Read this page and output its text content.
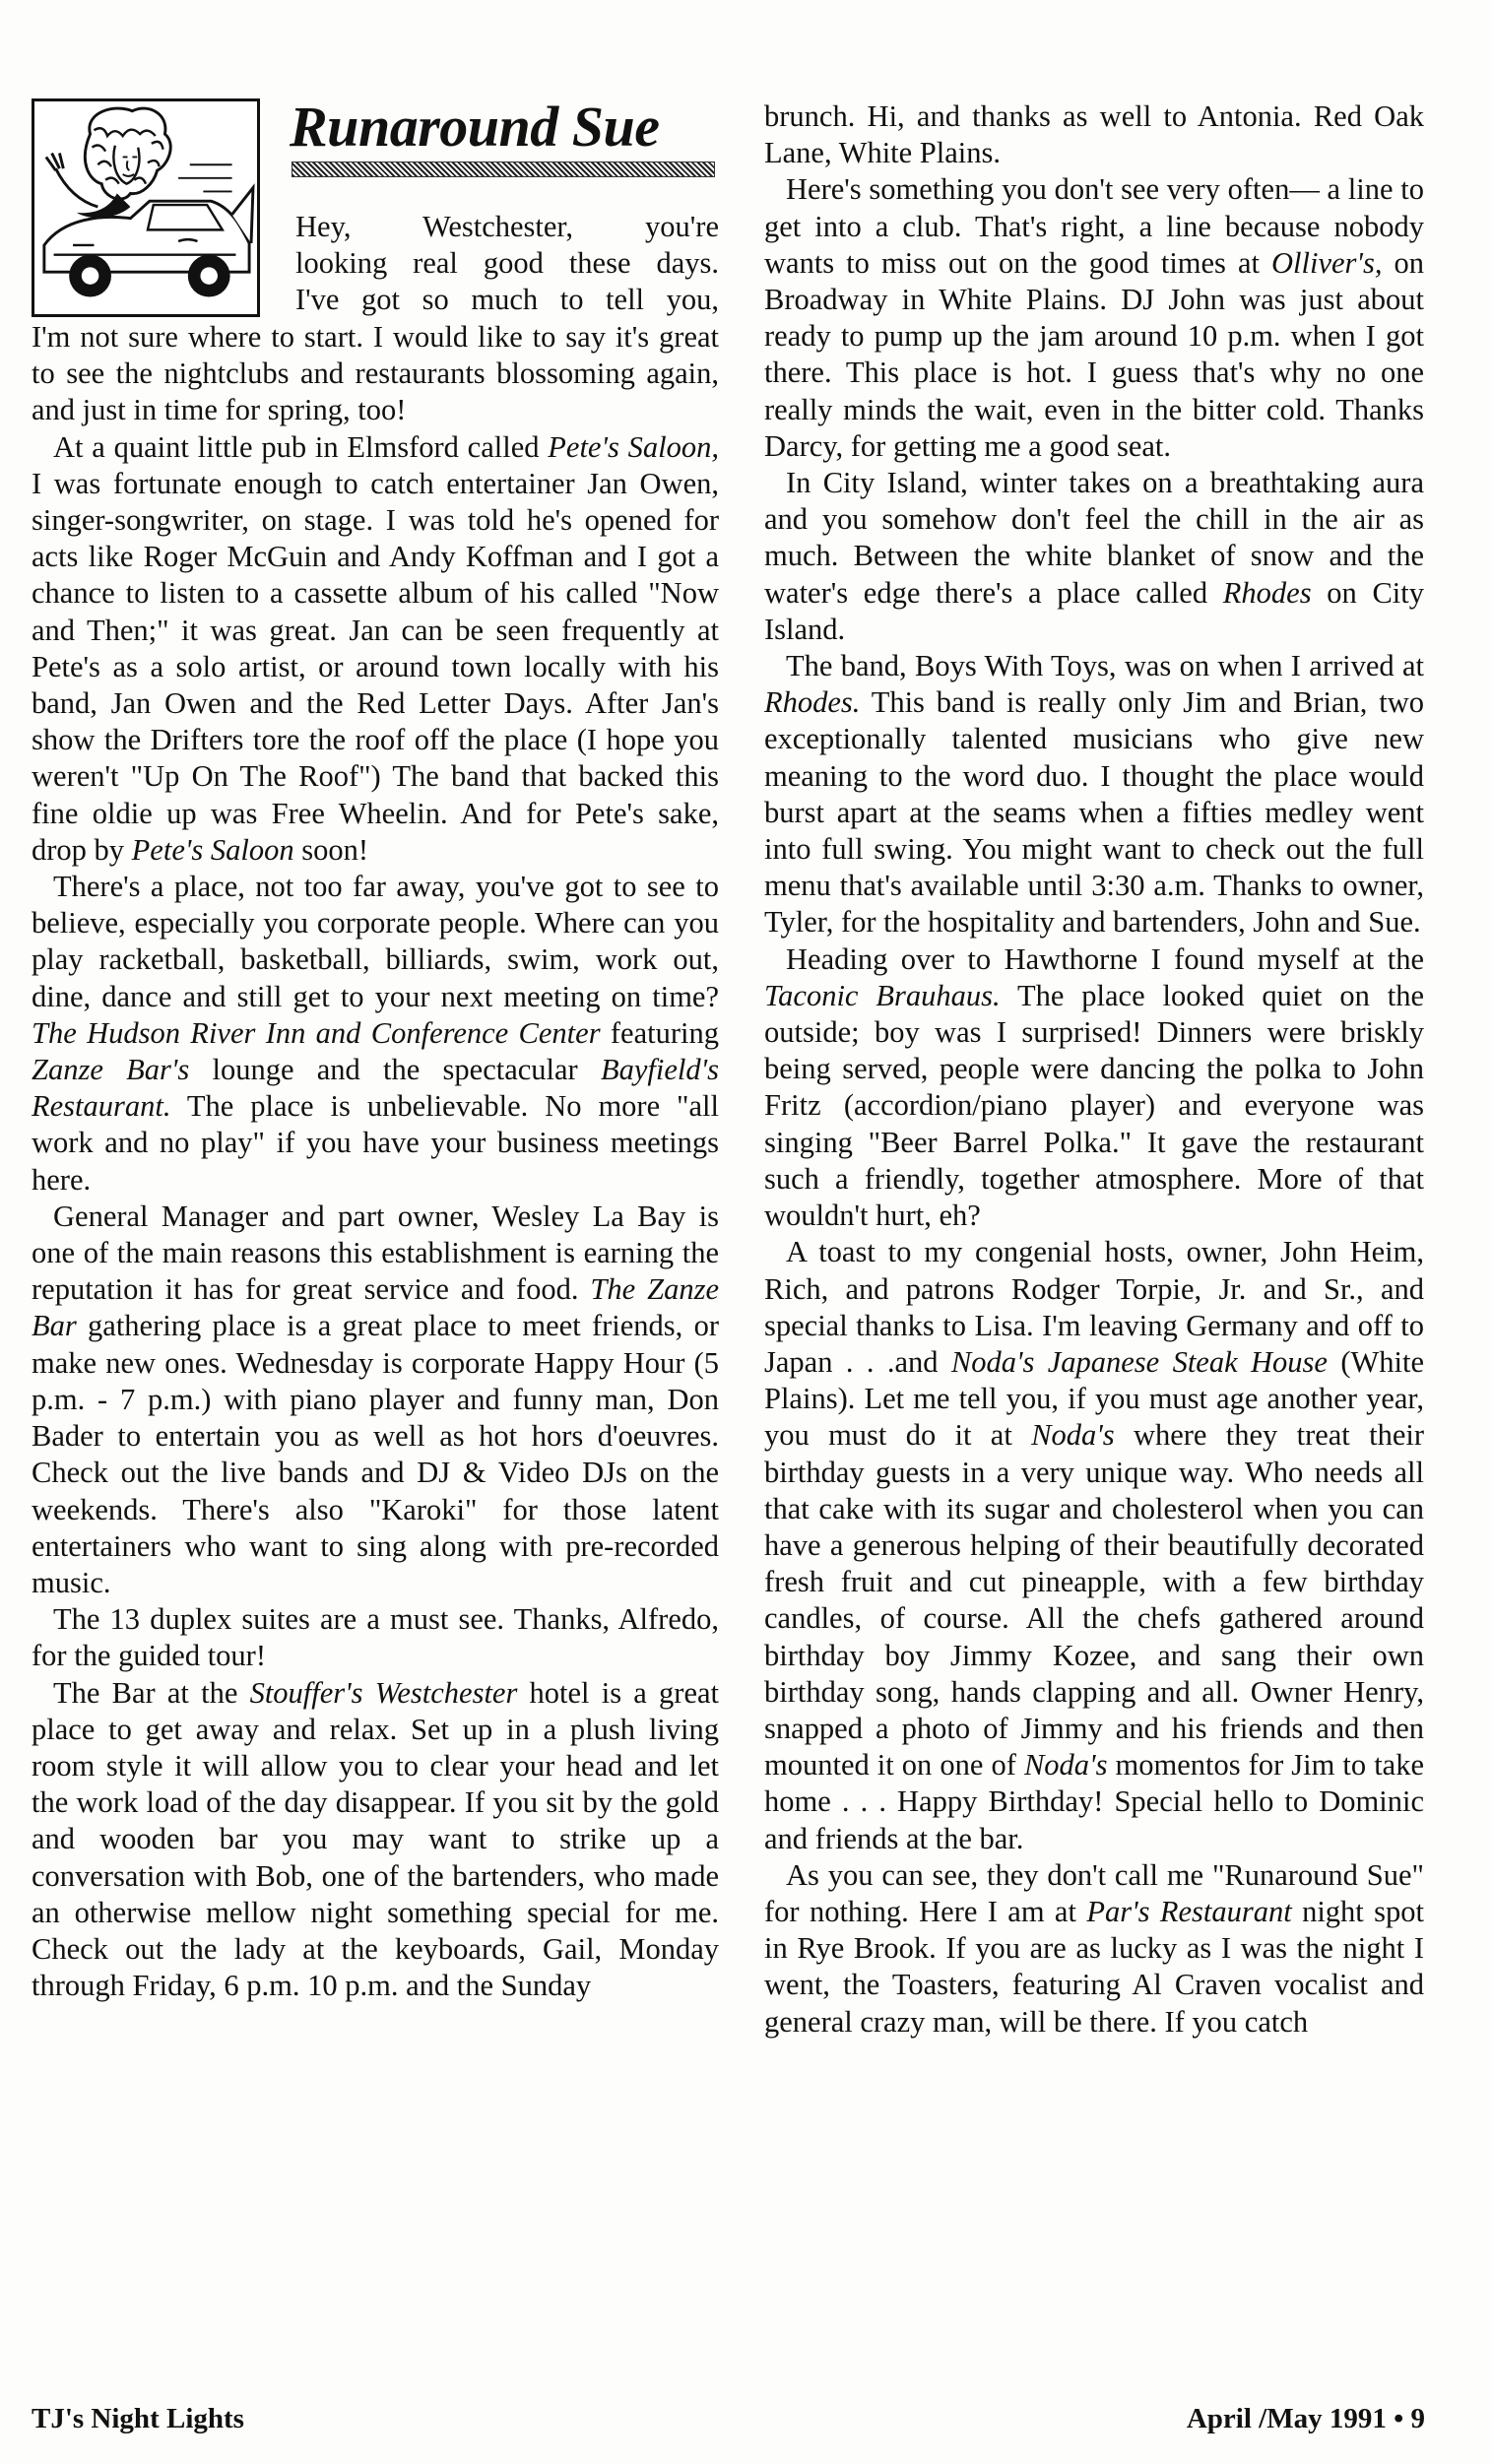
Runaround Sue
Hey, Westchester, you're
looking real good these days.
I've got so much to tell you,

I'm not sure where to start. I would like to say it's great to see the nightclubs and restaurants blossoming again, and just in time for spring, too!

At a quaint little pub in Elmsford called Pete's Saloon, I was fortunate enough to catch entertainer Jan Owen, singer-songwriter, on stage. I was told he's opened for acts like Roger McGuin and Andy Koffman and I got a chance to listen to a cassette album of his called "Now and Then;" it was great. Jan can be seen frequently at Pete's as a solo artist, or around town locally with his band, Jan Owen and the Red Letter Days. After Jan's show the Drifters tore the roof off the place (I hope you weren't "Up On The Roof") The band that backed this fine oldie up was Free Wheelin. And for Pete's sake, drop by Pete's Saloon soon!

There's a place, not too far away, you've got to see to believe, especially you corporate people. Where can you play racketball, basketball, billiards, swim, work out, dine, dance and still get to your next meeting on time? The Hudson River Inn and Conference Center featuring Zanze Bar's lounge and the spectacular Bayfield's Restaurant. The place is unbelievable. No more "all work and no play" if you have your business meetings here.

General Manager and part owner, Wesley La Bay is one of the main reasons this establishment is earning the reputation it has for great service and food. The Zanze Bar gathering place is a great place to meet friends, or make new ones. Wednesday is corporate Happy Hour (5 p.m. - 7 p.m.) with piano player and funny man, Don Bader to entertain you as well as hot hors d'oeuvres. Check out the live bands and DJ & Video DJs on the weekends. There's also "Karoki" for those latent entertainers who want to sing along with pre-recorded music.

The 13 duplex suites are a must see. Thanks, Alfredo, for the guided tour!

The Bar at the Stouffer's Westchester hotel is a great place to get away and relax. Set up in a plush living room style it will allow you to clear your head and let the work load of the day disappear. If you sit by the gold and wooden bar you may want to strike up a conversation with Bob, one of the bartenders, who made an otherwise mellow night something special for me. Check out the lady at the keyboards, Gail, Monday through Friday, 6 p.m. 10 p.m. and the Sunday

brunch. Hi, and thanks as well to Antonia. Red Oak Lane, White Plains.

Here's something you don't see very often— a line to get into a club. That's right, a line because nobody wants to miss out on the good times at Olliver's, on Broadway in White Plains. DJ John was just about ready to pump up the jam around 10 p.m. when I got there. This place is hot. I guess that's why no one really minds the wait, even in the bitter cold. Thanks Darcy, for getting me a good seat.

In City Island, winter takes on a breathtaking aura and you somehow don't feel the chill in the air as much. Between the white blanket of snow and the water's edge there's a place called Rhodes on City Island.

The band, Boys With Toys, was on when I arrived at Rhodes. This band is really only Jim and Brian, two exceptionally talented musicians who give new meaning to the word duo. I thought the place would burst apart at the seams when a fifties medley went into full swing. You might want to check out the full menu that's available until 3:30 a.m. Thanks to owner, Tyler, for the hospitality and bartenders, John and Sue.

Heading over to Hawthorne I found myself at the Taconic Brauhaus. The place looked quiet on the outside; boy was I surprised! Dinners were briskly being served, people were dancing the polka to John Fritz (accordion/piano player) and everyone was singing "Beer Barrel Polka." It gave the restaurant such a friendly, together atmosphere. More of that wouldn't hurt, eh?

A toast to my congenial hosts, owner, John Heim, Rich, and patrons Rodger Torpie, Jr. and Sr., and special thanks to Lisa. I'm leaving Germany and off to Japan . . .and Noda's Japanese Steak House (White Plains). Let me tell you, if you must age another year, you must do it at Noda's where they treat their birthday guests in a very unique way. Who needs all that cake with its sugar and cholesterol when you can have a generous helping of their beautifully decorated fresh fruit and cut pineapple, with a few birthday candles, of course. All the chefs gathered around birthday boy Jimmy Kozee, and sang their own birthday song, hands clapping and all. Owner Henry, snapped a photo of Jimmy and his friends and then mounted it on one of Noda's momentos for Jim to take home . . . Happy Birthday! Special hello to Dominic and friends at the bar.

As you can see, they don't call me "Runaround Sue" for nothing. Here I am at Par's Restaurant night spot in Rye Brook. If you are as lucky as I was the night I went, the Toasters, featuring Al Craven vocalist and general crazy man, will be there. If you catch

TJ's Night Lights	April /May 1991 • 9
